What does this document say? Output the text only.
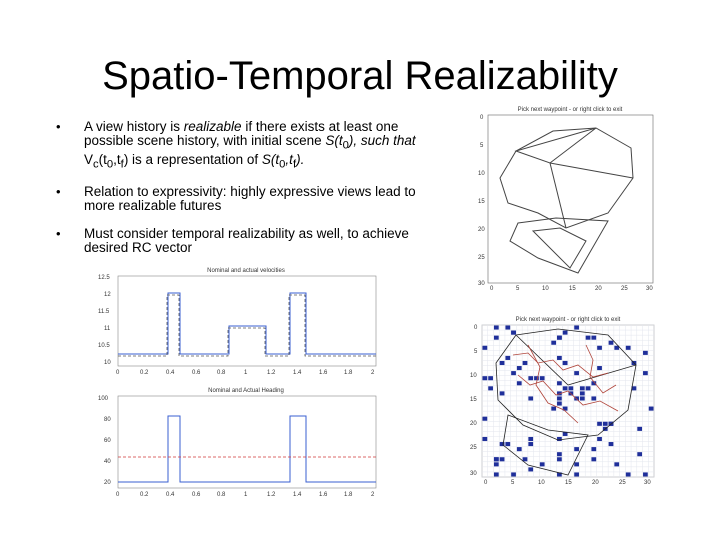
Spatio-Temporal Realizability
• A view history is realizable if there exists at least one possible scene history, with initial scene $S(t_0)$, such that $V_c(t_0,t_f)$ is a representation of $S(t_0,t_f)$.
• Relation to expressivity: highly expressive views lead to more realizable futures
• Must consider temporal realizability as well, to achieve desired RC vector
Pick next waypoint - or right click to exit
0	5	10	15	20	25	30
0
5
10
15
20
25
30
Pick next waypoint - or right click to exit
0	5	10	15	20	25	30
0
5
10
15
20
25
30
Nominal and actual velocities
0	0.2	0.4	0.6	0.8	1	1.2	1.4	1.6	1.8	2
12.5
12
11.5
11
10.5
10
Nominal and Actual Heading
0	0.2	0.4	0.6	0.8	1	1.2	1.4	1.6	1.8	2
100
80
60
40
20
